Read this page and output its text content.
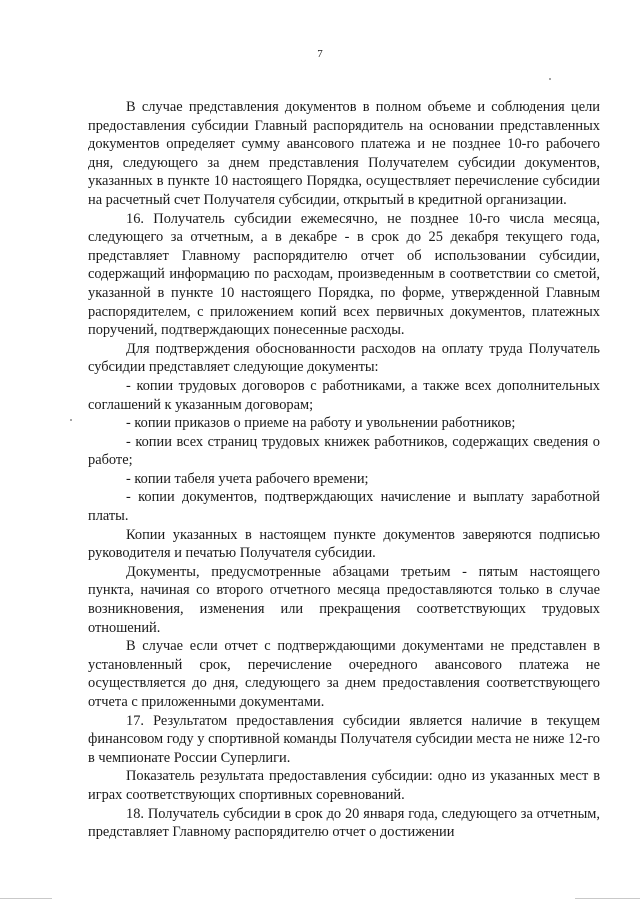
7

В случае представления документов в полном объеме и соблюдения цели предоставления субсидии Главный распорядитель на основании представленных документов определяет сумму авансового платежа и не позднее 10-го рабочего дня, следующего за днем представления Получателем субсидии документов, указанных в пункте 10 настоящего Порядка, осуществляет перечисление субсидии на расчетный счет Получателя субсидии, открытый в кредитной организации.

16. Получатель субсидии ежемесячно, не позднее 10-го числа месяца, следующего за отчетным, а в декабре - в срок до 25 декабря текущего года, представляет Главному распорядителю отчет об использовании субсидии, содержащий информацию по расходам, произведенным в соответствии со сметой, указанной в пункте 10 настоящего Порядка, по форме, утвержденной Главным распорядителем, с приложением копий всех первичных документов, платежных поручений, подтверждающих понесенные расходы.

Для подтверждения обоснованности расходов на оплату труда Получатель субсидии представляет следующие документы:

- копии трудовых договоров с работниками, а также всех дополнительных соглашений к указанным договорам;

- копии приказов о приеме на работу и увольнении работников;

- копии всех страниц трудовых книжек работников, содержащих сведения о работе;

- копии табеля учета рабочего времени;

- копии документов, подтверждающих начисление и выплату заработной платы.

Копии указанных в настоящем пункте документов заверяются подписью руководителя и печатью Получателя субсидии.

Документы, предусмотренные абзацами третьим - пятым настоящего пункта, начиная со второго отчетного месяца предоставляются только в случае возникновения, изменения или прекращения соответствующих трудовых отношений.

В случае если отчет с подтверждающими документами не представлен в установленный срок, перечисление очередного авансового платежа не осуществляется до дня, следующего за днем предоставления соответствующего отчета с приложенными документами.

17. Результатом предоставления субсидии является наличие в текущем финансовом году у спортивной команды Получателя субсидии места не ниже 12-го в чемпионате России Суперлиги.

Показатель результата предоставления субсидии: одно из указанных мест в играх соответствующих спортивных соревнований.

18. Получатель субсидии в срок до 20 января года, следующего за отчетным, представляет Главному распорядителю отчет о достижении
